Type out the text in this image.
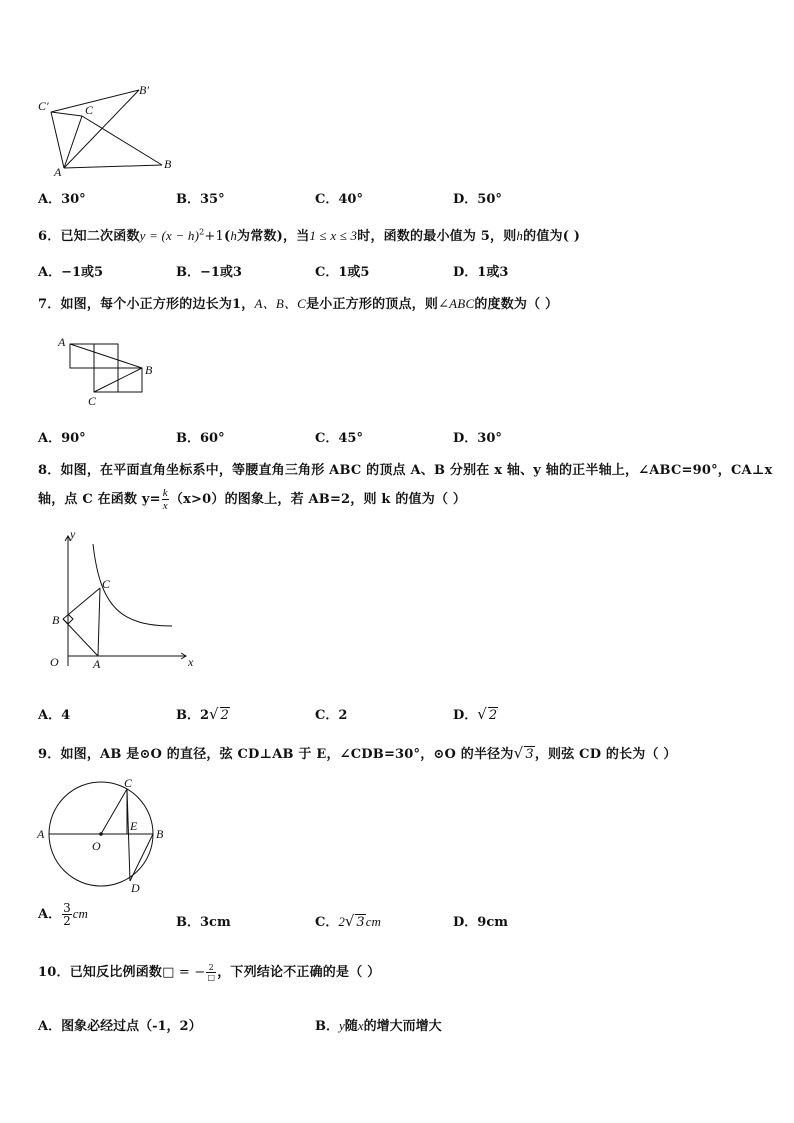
C′
B′
C
A
B
A．30°	B．35°	C．40°	D．50°
6．已知二次函数$y = (x - h)^2+1(h$为常数)，当1 ≤ x ≤ 3时，函数的最小值为 5，则h的值为( )
A．−1或5	B．−1或3	C．1或5	D．1或3
7．如图，每个小正方形的边长为1，A、B、C是小正方形的顶点，则∠ABC的度数为（ ）
A
B
C
A．90°	B．60°	C．45°	D．30°
8．如图，在平面直角坐标系中，等腰直角三角形 ABC 的顶点 A、B 分别在 x 轴、y 轴的正半轴上，∠ABC=90°，CA⊥x
轴，点 C 在函数 $y= \frac{k}{x} (x>0)$的图象上，若 AB=2，则 k 的值为（ ）
y
x
O	A
B
C
A．4	B．2√ 2	C．2	D．√ 2
9．如图，AB 是⊙O 的直径，弦 CD⊥AB 于 E，∠CDB=30°，⊙O 的半径为√ 3，则弦 CD 的长为（ ）
A	B
C
D
E
O
A． $\frac{3}{2}$ cm
B．3cm	C．2√ 3cm	D．9cm
10．已知反比例函数□ = − $\frac{2}{□}$ ，下列结论不正确的是（ ）
A．图象必经过点（-1，2）	B．y随x的增大而增大
